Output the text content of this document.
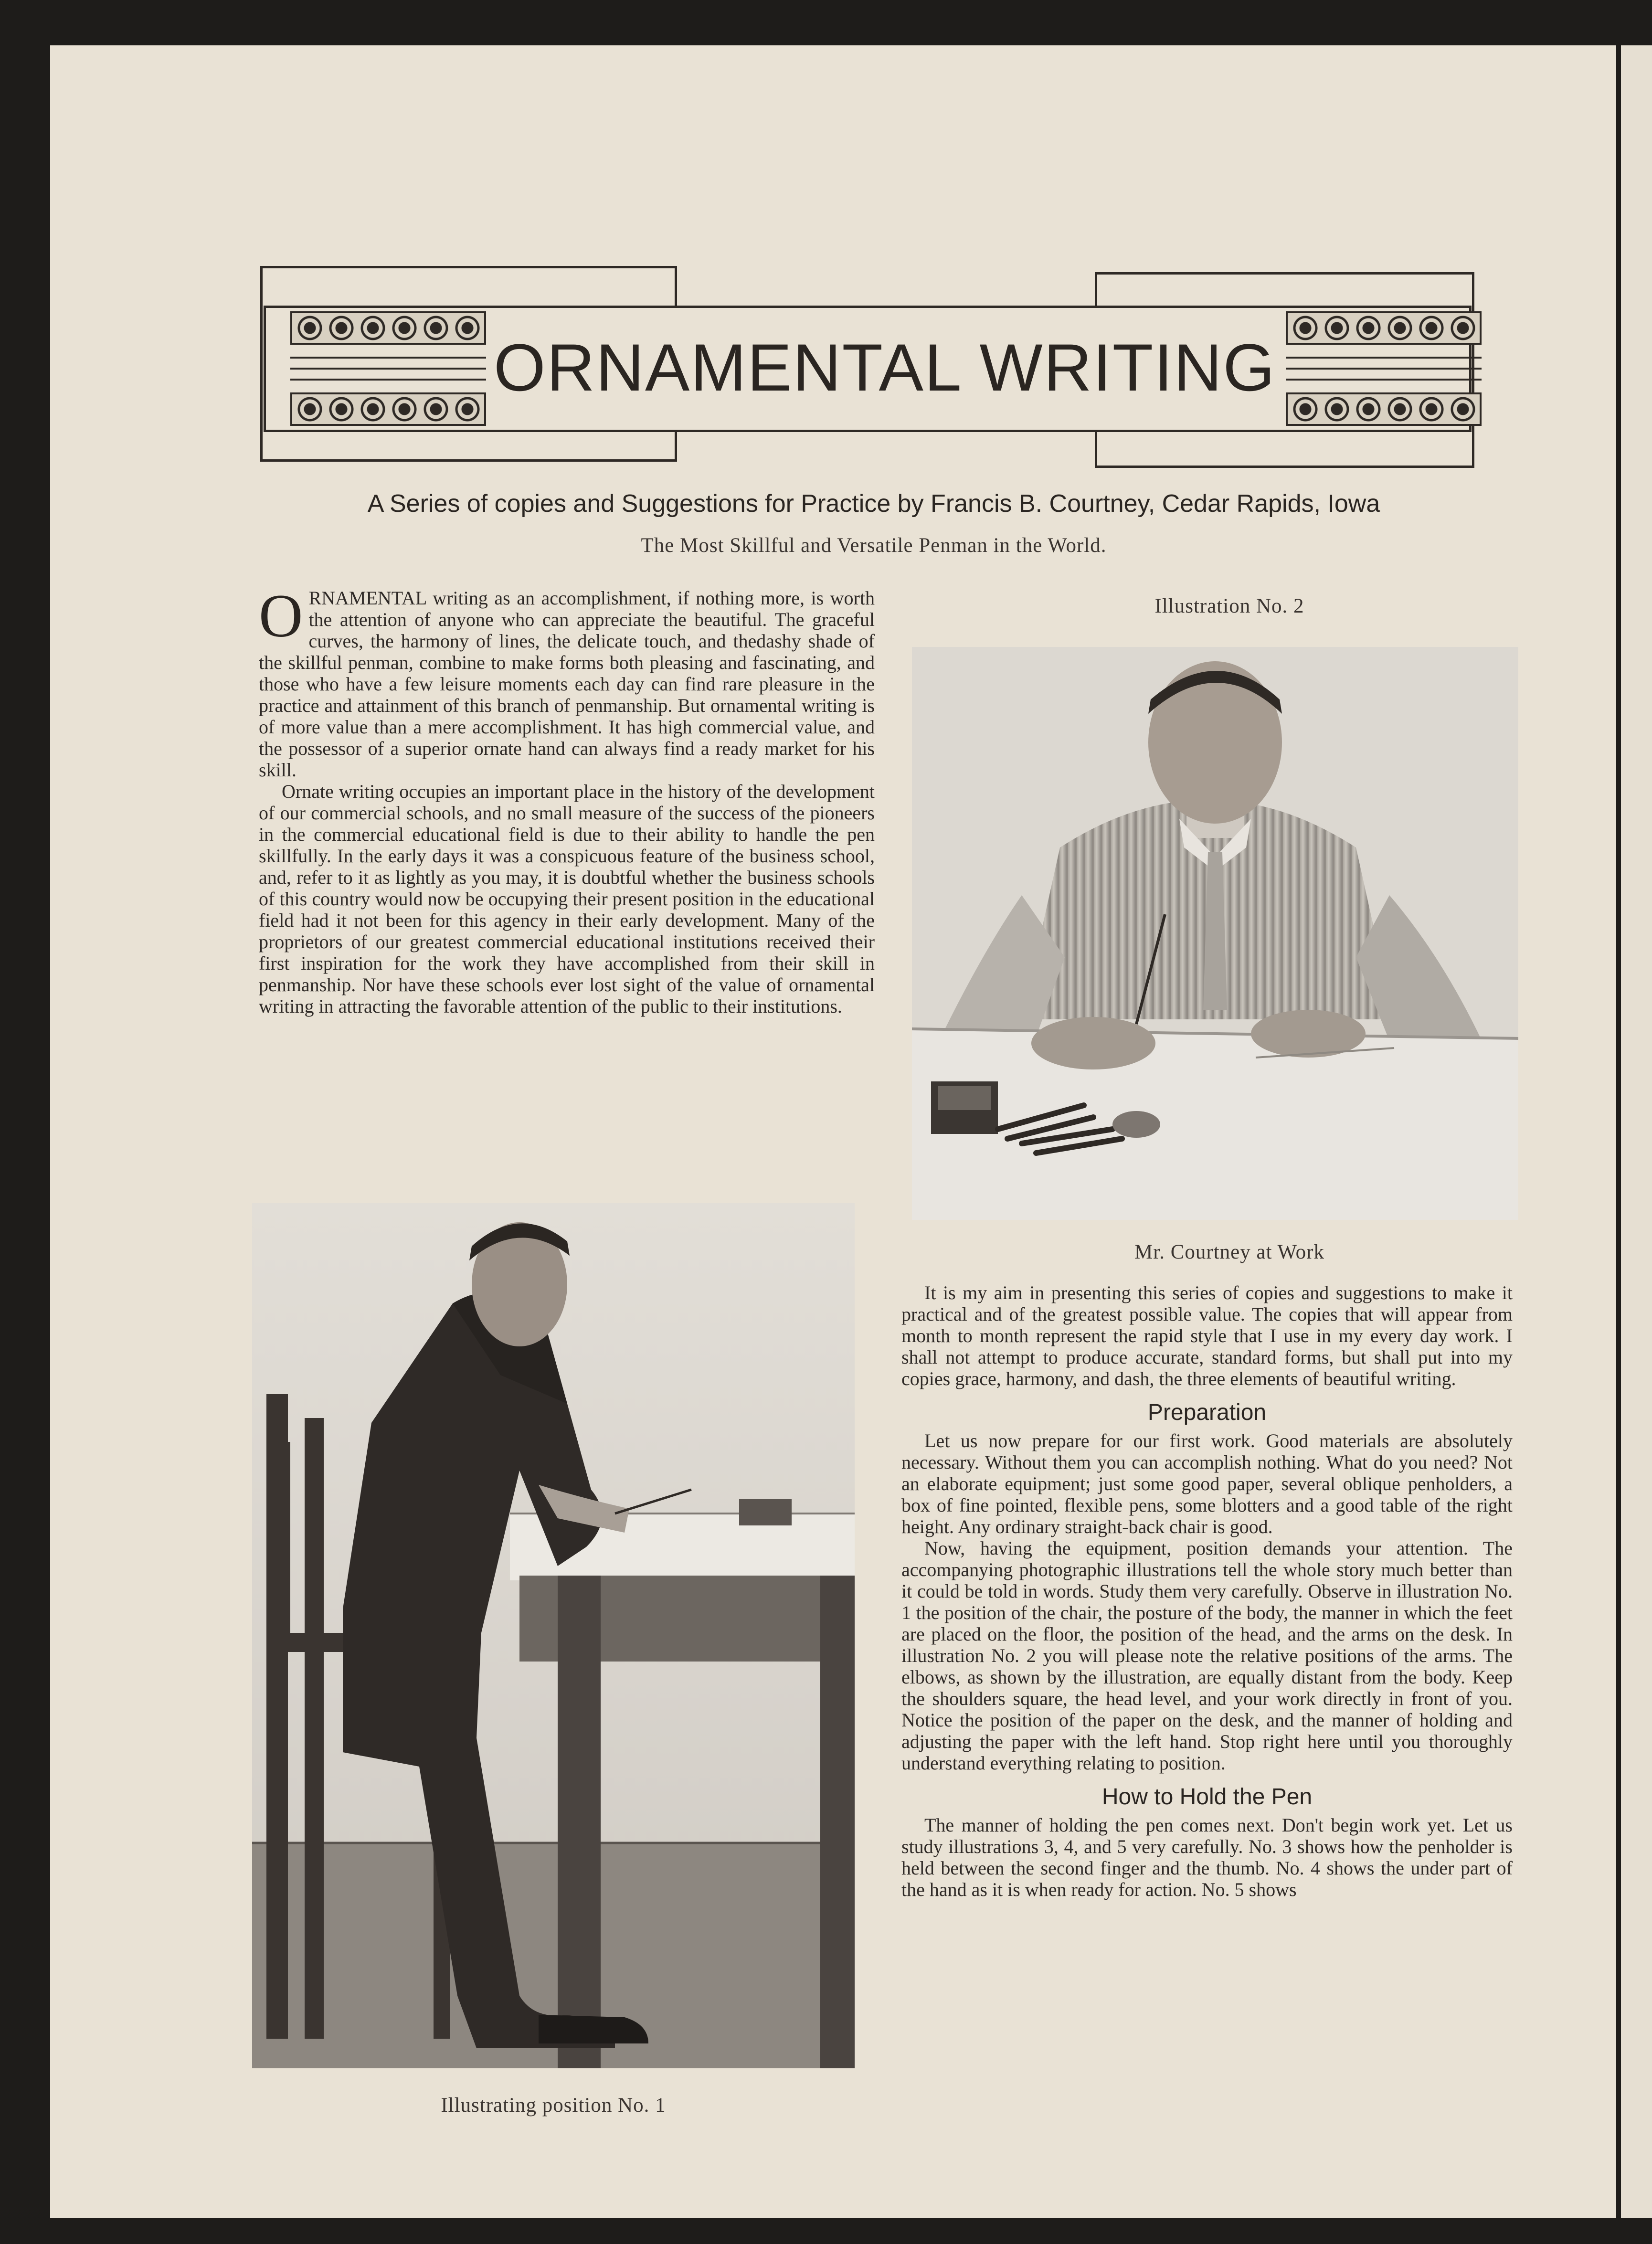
ORNAMENTAL WRITING
A Series of copies and Suggestions for Practice by Francis B. Courtney, Cedar Rapids, Iowa
The Most Skillful and Versatile Penman in the World.

ORNAMENTAL writing as an accomplishment, if nothing more, is worth the attention of anyone who can appreciate the beautiful. The graceful curves, the harmony of lines, the delicate touch, and thedashy shade of the skillful penman, combine to make forms both pleasing and fascinating, and those who have a few leisure moments each day can find rare pleasure in the practice and attainment of this branch of penmanship. But ornamental writing is of more value than a mere accomplishment. It has high commercial value, and the possessor of a superior ornate hand can always find a ready market for his skill.

Ornate writing occupies an important place in the history of the development of our commercial schools, and no small measure of the success of the pioneers in the commercial educational field is due to their ability to handle the pen skillfully. In the early days it was a conspicuous feature of the business school, and, refer to it as lightly as you may, it is doubtful whether the business schools of this country would now be occupying their present position in the educational field had it not been for this agency in their early development. Many of the proprietors of our greatest commercial educational institutions received their first inspiration for the work they have accomplished from their skill in penmanship. Nor have these schools ever lost sight of the value of ornamental writing in attracting the favorable attention of the public to their institutions.

Illustration No. 2
Mr. Courtney at Work
Illustrating position No. 1

It is my aim in presenting this series of copies and suggestions to make it practical and of the greatest possible value. The copies that will appear from month to month represent the rapid style that I use in my every day work. I shall not attempt to produce accurate, standard forms, but shall put into my copies grace, harmony, and dash, the three elements of beautiful writing.

Preparation

Let us now prepare for our first work. Good materials are absolutely necessary. Without them you can accomplish nothing. What do you need? Not an elaborate equipment; just some good paper, several oblique penholders, a box of fine pointed, flexible pens, some blotters and a good table of the right height. Any ordinary straight-back chair is good.

Now, having the equipment, position demands your attention. The accompanying photographic illustrations tell the whole story much better than it could be told in words. Study them very carefully. Observe in illustration No. 1 the position of the chair, the posture of the body, the manner in which the feet are placed on the floor, the position of the head, and the arms on the desk. In illustration No. 2 you will please note the relative positions of the arms. The elbows, as shown by the illustration, are equally distant from the body. Keep the shoulders square, the head level, and your work directly in front of you. Notice the position of the paper on the desk, and the manner of holding and adjusting the paper with the left hand. Stop right here until you thoroughly understand everything relating to position.

How to Hold the Pen

The manner of holding the pen comes next. Don't begin work yet. Let us study illustrations 3, 4, and 5 very carefully. No. 3 shows how the penholder is held between the second finger and the thumb. No. 4 shows the under part of the hand as it is when ready for action. No. 5 shows
